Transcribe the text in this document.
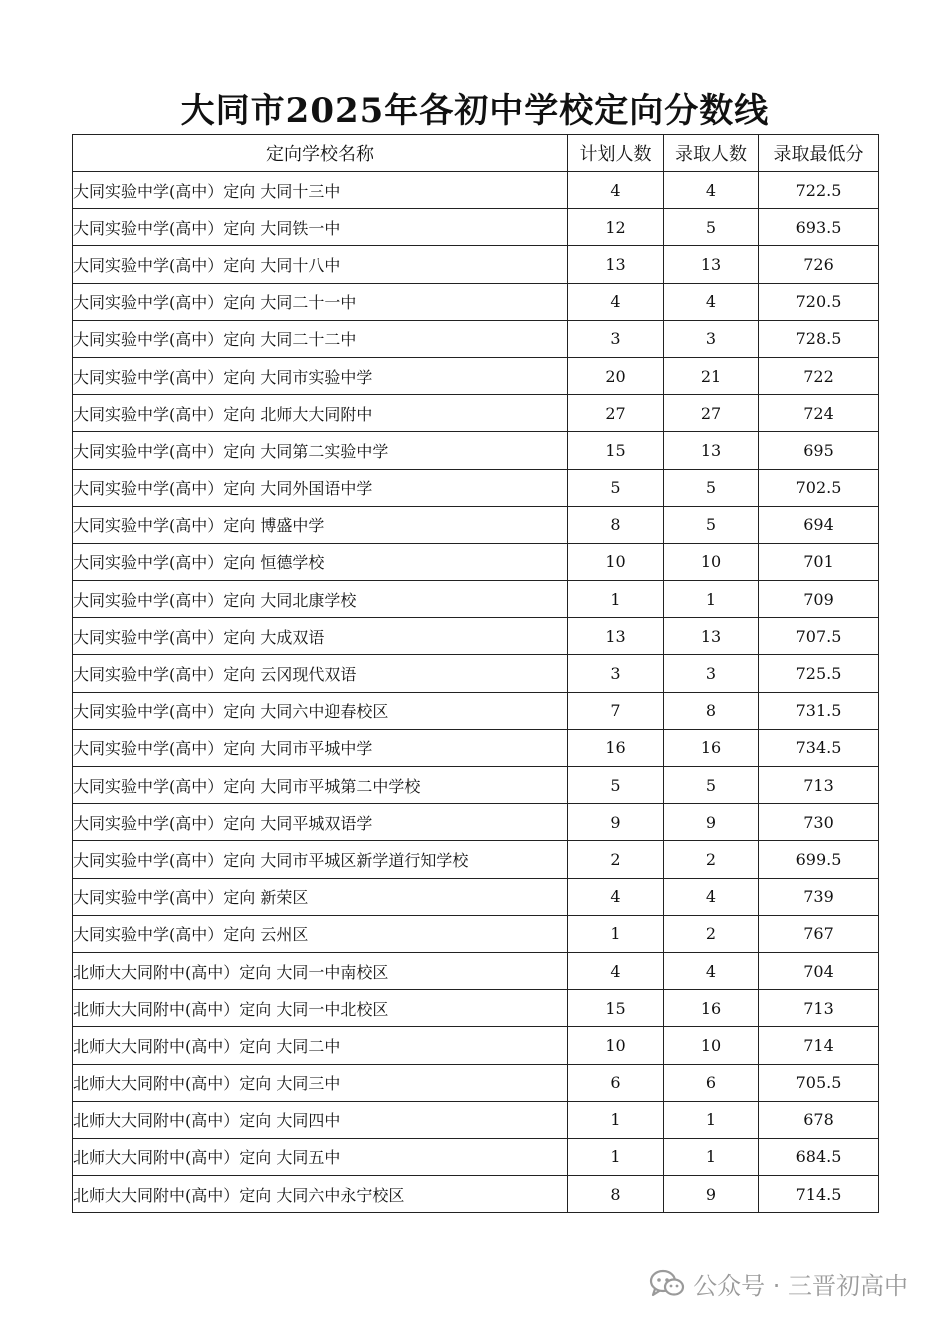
大同市2025年各初中学校定向分数线
定向学校名称	计划人数	录取人数	录取最低分
大同实验中学(高中）定向 大同十三中	4	4	722.5
大同实验中学(高中）定向 大同铁一中	12	5	693.5
大同实验中学(高中）定向 大同十八中	13	13	726
大同实验中学(高中）定向 大同二十一中	4	4	720.5
大同实验中学(高中）定向 大同二十二中	3	3	728.5
大同实验中学(高中）定向 大同市实验中学	20	21	722
大同实验中学(高中）定向 北师大大同附中	27	27	724
大同实验中学(高中）定向 大同第二实验中学	15	13	695
大同实验中学(高中）定向 大同外国语中学	5	5	702.5
大同实验中学(高中）定向 博盛中学	8	5	694
大同实验中学(高中）定向 恒德学校	10	10	701
大同实验中学(高中）定向 大同北康学校	1	1	709
大同实验中学(高中）定向 大成双语	13	13	707.5
大同实验中学(高中）定向 云冈现代双语	3	3	725.5
大同实验中学(高中）定向 大同六中迎春校区	7	8	731.5
大同实验中学(高中）定向 大同市平城中学	16	16	734.5
大同实验中学(高中）定向 大同市平城第二中学校	5	5	713
大同实验中学(高中）定向 大同平城双语学	9	9	730
大同实验中学(高中）定向 大同市平城区新学道行知学校	2	2	699.5
大同实验中学(高中）定向 新荣区	4	4	739
大同实验中学(高中）定向 云州区	1	2	767
北师大大同附中(高中）定向 大同一中南校区	4	4	704
北师大大同附中(高中）定向 大同一中北校区	15	16	713
北师大大同附中(高中）定向 大同二中	10	10	714
北师大大同附中(高中）定向 大同三中	6	6	705.5
北师大大同附中(高中）定向 大同四中	1	1	678
北师大大同附中(高中）定向 大同五中	1	1	684.5
北师大大同附中(高中）定向 大同六中永宁校区	8	9	714.5
公众号 · 三晋初高中
